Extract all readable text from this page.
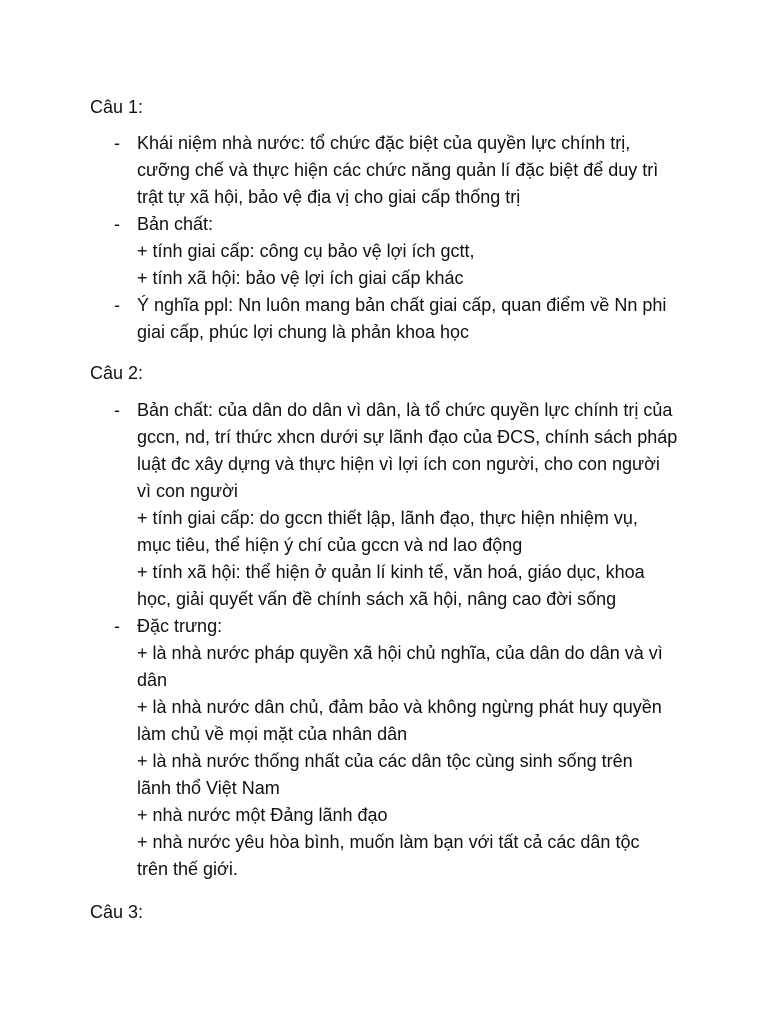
Câu 1:
- Khái niệm nhà nước: tổ chức đặc biệt của quyền lực chính trị,
cưỡng chế và thực hiện các chức năng quản lí đặc biệt để duy trì
trật tự xã hội, bảo vệ địa vị cho giai cấp thống trị
- Bản chất:
+ tính giai cấp: công cụ bảo vệ lợi ích gctt,
+ tính xã hội: bảo vệ lợi ích giai cấp khác
- Ý nghĩa ppl: Nn luôn mang bản chất giai cấp, quan điểm về Nn phi
giai cấp, phúc lợi chung là phản khoa học
Câu 2:
- Bản chất: của dân do dân vì dân, là tổ chức quyền lực chính trị của
gccn, nd, trí thức xhcn dưới sự lãnh đạo của ĐCS, chính sách pháp
luật đc xây dựng và thực hiện vì lợi ích con người, cho con người
vì con người
+ tính giai cấp: do gccn thiết lập, lãnh đạo, thực hiện nhiệm vụ,
mục tiêu, thể hiện ý chí của gccn và nd lao động
+ tính xã hội: thể hiện ở quản lí kinh tế, văn hoá, giáo dục, khoa
học, giải quyết vấn đề chính sách xã hội, nâng cao đời sống
- Đặc trưng:
+ là nhà nước pháp quyền xã hội chủ nghĩa, của dân do dân và vì
dân
+ là nhà nước dân chủ, đảm bảo và không ngừng phát huy quyền
làm chủ về mọi mặt của nhân dân
+ là nhà nước thống nhất của các dân tộc cùng sinh sống trên
lãnh thổ Việt Nam
+ nhà nước một Đảng lãnh đạo
+ nhà nước yêu hòa bình, muốn làm bạn với tất cả các dân tộc
trên thế giới.
Câu 3:
